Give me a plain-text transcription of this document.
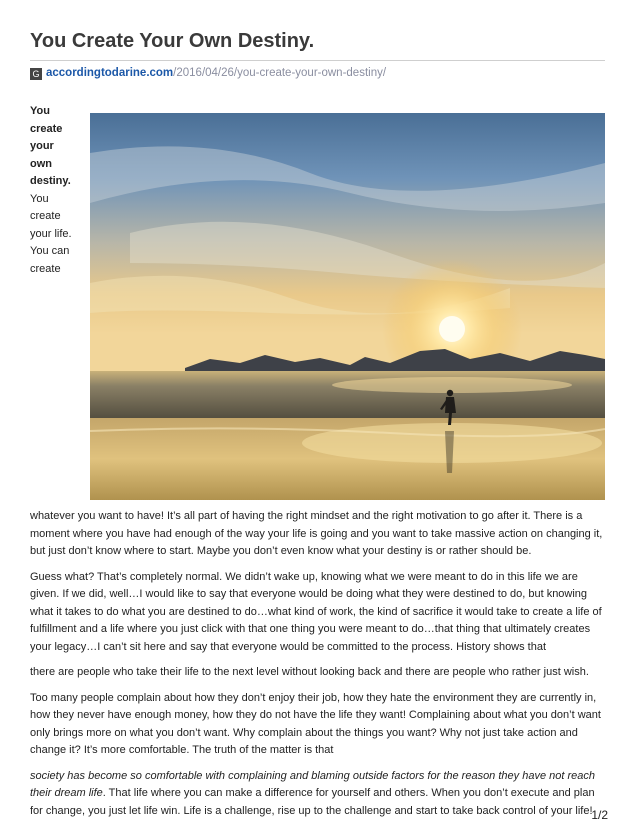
You Create Your Own Destiny.
G accordingtodarine.com/2016/04/26/you-create-your-own-destiny/
You
create
your
own
destiny.
You
create
your life.
You can
create

whatever you want to have! It’s all part of having the right mindset and the right motivation to go after it. There is a moment where you have had enough of the way your life is going and you want to take massive action on changing it, but just don’t know where to start. Maybe you don’t even know what your destiny is or rather should be.

Guess what? That’s completely normal. We didn’t wake up, knowing what we were meant to do in this life we are given. If we did, well…I would like to say that everyone would be doing what they were destined to do, but knowing what it takes to do what you are destined to do…what kind of work, the kind of sacrifice it would take to create a life of fulfillment and a life where you just click with that one thing you were meant to do…that thing that ultimately creates your legacy…I can’t sit here and say that everyone would be committed to the process. History shows that

there are people who take their life to the next level without looking back and there are people who rather just wish.

Too many people complain about how they don’t enjoy their job, how they hate the environment they are currently in, how they never have enough money, how they do not have the life they want! Complaining about what you don’t want only brings more on what you don’t want. Why complain about the things you want? Why not just take action and change it? It’s more comfortable. The truth of the matter is that

society has become so comfortable with complaining and blaming outside factors for the reason they have not reach their dream life. That life where you can make a difference for yourself and others. When you don’t execute and plan for change, you just let life win. Life is a challenge, rise up to the challenge and start to take back control of your life!

1/2
